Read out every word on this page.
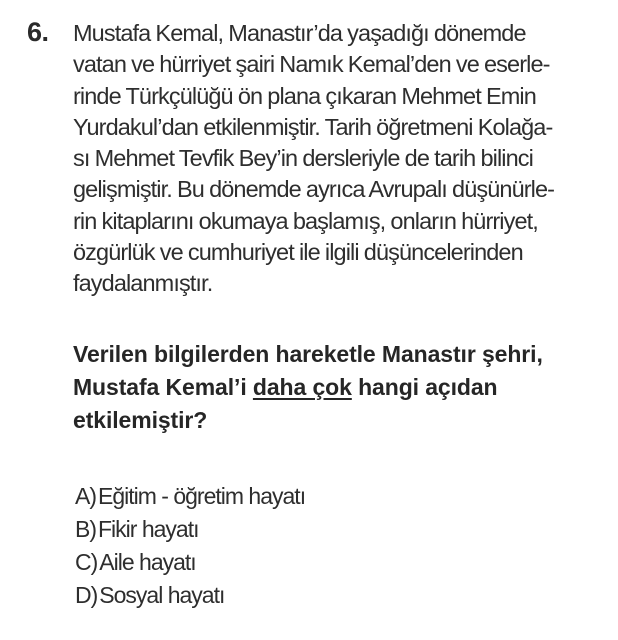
6. Mustafa Kemal, Manastır’da yaşadığı dönemde
vatan ve hürriyet şairi Namık Kemal’den ve eserle-
rinde Türkçülüğü ön plana çıkaran Mehmet Emin
Yurdakul’dan etkilenmiştir. Tarih öğretmeni Kolağa-
sı Mehmet Tevfik Bey’in dersleriyle de tarih bilinci
gelişmiştir. Bu dönemde ayrıca Avrupalı düşünürle-
rin kitaplarını okumaya başlamış, onların hürriyet,
özgürlük ve cumhuriyet ile ilgili düşüncelerinden
faydalanmıştır.
Verilen bilgilerden hareketle Manastır şehri,
Mustafa Kemal’i daha çok hangi açıdan
etkilemiştir?
A)Eğitim - öğretim hayatı
B)Fikir hayatı
C)Aile hayatı
D)Sosyal hayatı
